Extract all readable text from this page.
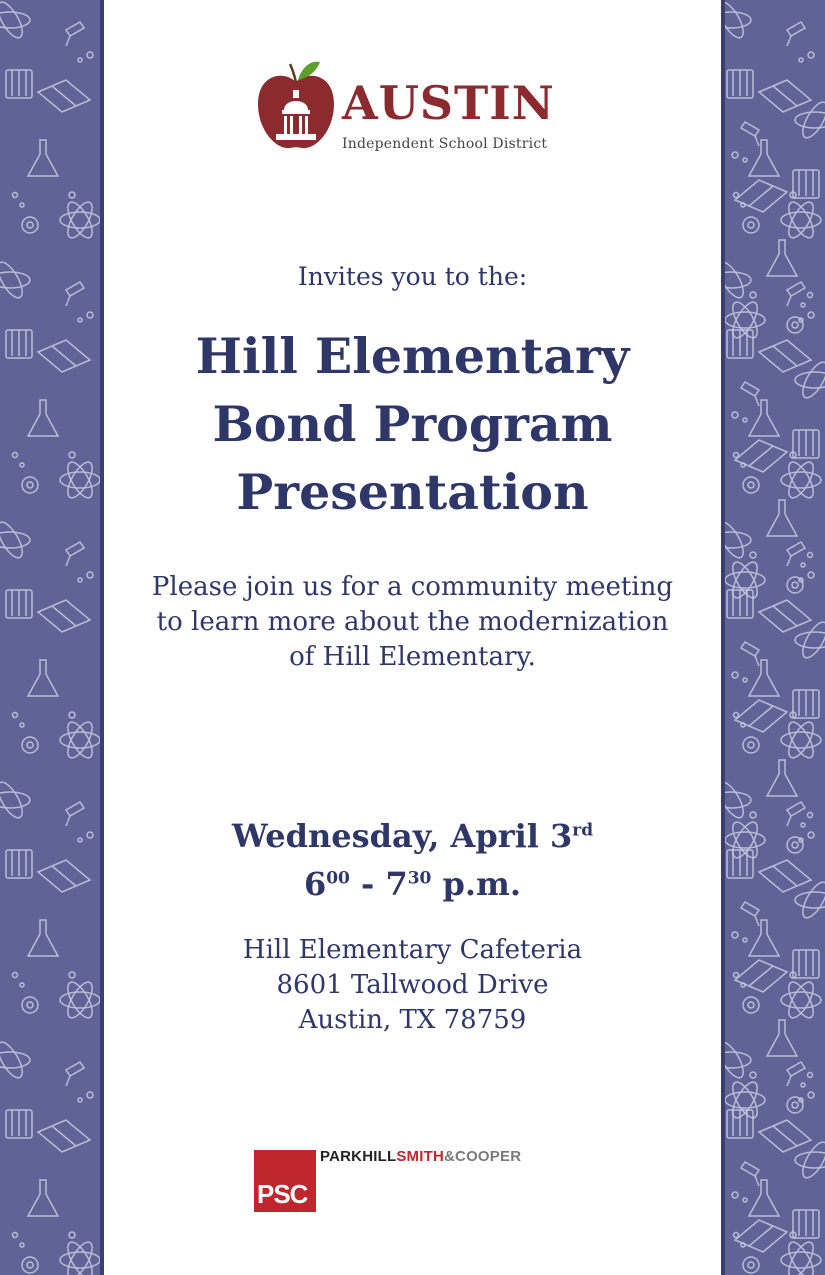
AUSTIN
Independent School District
Invites you to the:
Hill Elementary
Bond Program
Presentation
Please join us for a community meeting
to learn more about the modernization
of Hill Elementary.
Wednesday, April 3rd
$6^{00} - 7^{30}$ p.m.
Hill Elementary Cafeteria
8601 Tallwood Drive
Austin, TX 78759
PSC
PARKHILLSMITH&COOPER
